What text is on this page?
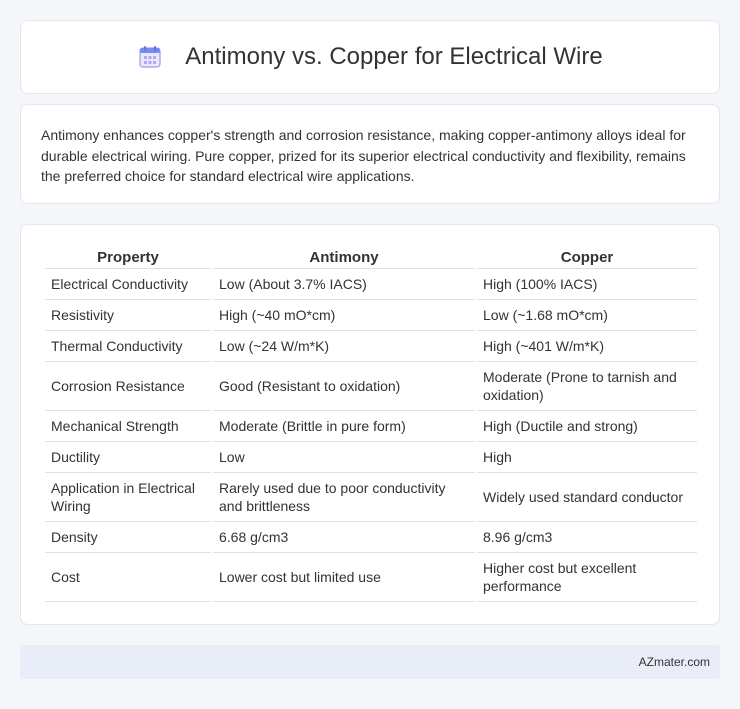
Antimony vs. Copper for Electrical Wire

Antimony enhances copper's strength and corrosion resistance, making copper-antimony alloys ideal for durable electrical wiring. Pure copper, prized for its superior electrical conductivity and flexibility, remains the preferred choice for standard electrical wire applications.

Property	Antimony	Copper
Electrical Conductivity	Low (About 3.7% IACS)	High (100% IACS)
Resistivity	High (~40 mO*cm)	Low (~1.68 mO*cm)
Thermal Conductivity	Low (~24 W/m*K)	High (~401 W/m*K)
Corrosion Resistance	Good (Resistant to oxidation)	Moderate (Prone to tarnish and oxidation)
Mechanical Strength	Moderate (Brittle in pure form)	High (Ductile and strong)
Ductility	Low	High
Application in Electrical Wiring	Rarely used due to poor conductivity and brittleness	Widely used standard conductor
Density	6.68 g/cm3	8.96 g/cm3
Cost	Lower cost but limited use	Higher cost but excellent performance
AZmater.com
